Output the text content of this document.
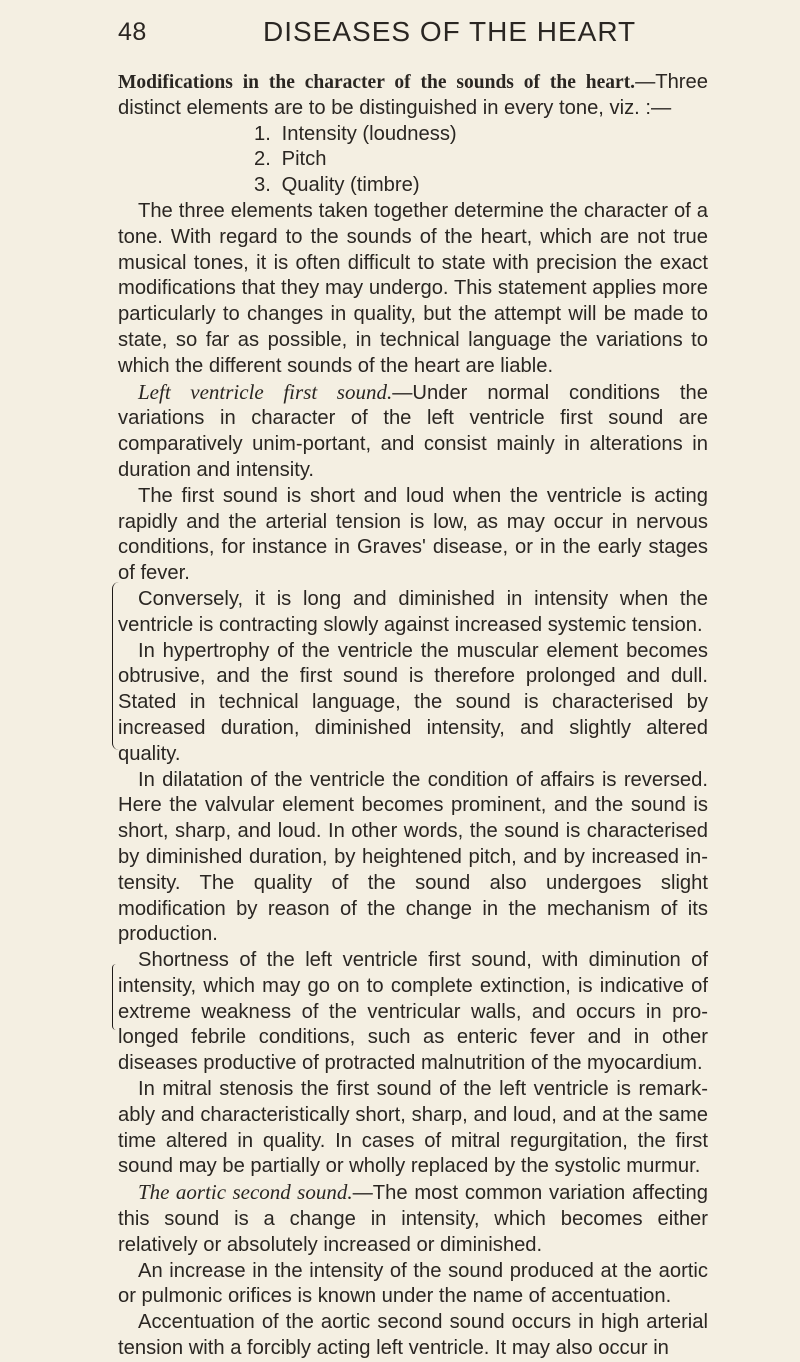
48	DISEASES OF THE HEART

Modifications in the character of the sounds of the heart.—Three distinct elements are to be distinguished in every tone, viz. :—

1. Intensity (loudness)
2. Pitch
3. Quality (timbre)

The three elements taken together determine the character of a tone. With regard to the sounds of the heart, which are not true musical tones, it is often difficult to state with precision the exact modifications that they may undergo. This statement applies more particularly to changes in quality, but the attempt will be made to state, so far as possible, in technical language the variations to which the different sounds of the heart are liable.

Left ventricle first sound.—Under normal conditions the variations in character of the left ventricle first sound are comparatively unim-portant, and consist mainly in alterations in duration and intensity.

The first sound is short and loud when the ventricle is acting rapidly and the arterial tension is low, as may occur in nervous conditions, for instance in Graves' disease, or in the early stages of fever.

Conversely, it is long and diminished in intensity when the ventricle is contracting slowly against increased systemic tension.

In hypertrophy of the ventricle the muscular element becomes obtrusive, and the first sound is therefore prolonged and dull. Stated in technical language, the sound is characterised by increased duration, diminished intensity, and slightly altered quality.

In dilatation of the ventricle the condition of affairs is reversed. Here the valvular element becomes prominent, and the sound is short, sharp, and loud. In other words, the sound is characterised by diminished duration, by heightened pitch, and by increased in-tensity. The quality of the sound also undergoes slight modification by reason of the change in the mechanism of its production.

Shortness of the left ventricle first sound, with diminution of intensity, which may go on to complete extinction, is indicative of extreme weakness of the ventricular walls, and occurs in pro-longed febrile conditions, such as enteric fever and in other diseases productive of protracted malnutrition of the myocardium.

In mitral stenosis the first sound of the left ventricle is remark-ably and characteristically short, sharp, and loud, and at the same time altered in quality. In cases of mitral regurgitation, the first sound may be partially or wholly replaced by the systolic murmur.

The aortic second sound.—The most common variation affecting this sound is a change in intensity, which becomes either relatively or absolutely increased or diminished.

An increase in the intensity of the sound produced at the aortic or pulmonic orifices is known under the name of accentuation.

Accentuation of the aortic second sound occurs in high arterial tension with a forcibly acting left ventricle. It may also occur in
